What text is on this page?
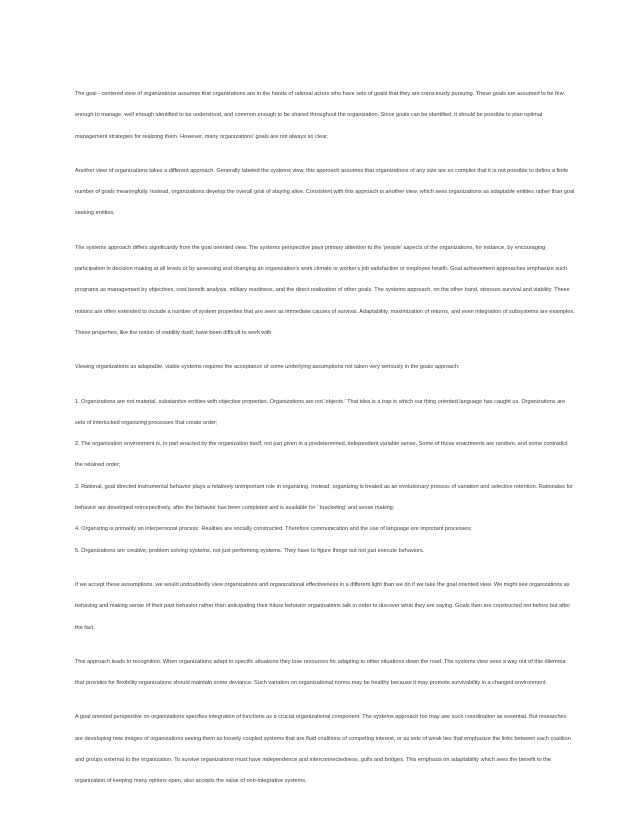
The goal - centered view of organizations assumes that organizations are in the hands of rational actors who have sets of goals that they are consciously pursuing. These goals are assumed to be few enough to manage, well enough identified to be understood, and common enough to be shared throughout the organization. Since goals can be identified, it should be possible to plan optimal management strategies for realizing them. However, many organizations' goals are not always so clear.

Another view of organizations takes a different approach. Generally labeled the systems view, this approach assumes that organizations of any size are so complex that it is not possible to define a finite number of goals meaningfully. Instead, organizations develop the overall goal of staying alive. Consistent with this approach is another view, which sees organizations as adaptable entities rather than goal seeking entities.

The systems approach differs significantly from the goal oriented view. The systems perspective pays primary attention to the 'people' aspects of the organizations, for instance, by encouraging participation in decision making at all levels or by assessing and changing an organization's work climate or worker's job satisfaction or employee health. Goal achievement approaches emphasize such programs as management by objectives, cost benefit analysis, military readiness, and the direct realization of other goals. The systems approach, on the other hand, stresses survival and viability. These notions are often extended to include a number of system properties that are seen as immediate causes of survival. Adaptability, maximization of returns, and even integration of subsystems are examples. These properties, like the notion of viability itself, have been difficult to work with.

Viewing organizations as adaptable, viable systems requires the acceptance of some underlying assumptions not taken very seriously in the goals approach:

1. Organizations are not material, substantive entities with objective properties. Organizations are not 'objects.' That idea is a trap in which our thing oriented language has caught us. Organizations are sets of interlocked organizing processes that create order;

2. The organization environment is, in part enacted by the organization itself, not just given in a predetermined, independent variable sense. Some of those enactments are random, and some contradict the retained order;

3. Rational, goal directed instrumental behavior plays a relatively unimportant role in organizing. Instead, organizing is treated as an evolutionary process of variation and selective retention. Rationales for behavior are developed retrospectively, after the behavior has been completed and is available for ' bracketing' and sense making;

4. Organizing is primarily an interpersonal process. Realities are socially constructed. Therefore communication and the use of language are important processes;

5. Organizations are creative, problem solving systems, not just performing systems. They have to figure things out not just execute behaviors.

If we accept these assumptions, we would undoubtedly view organizations and organizational effectiveness in a different light than we do if we take the goal oriented view. We might see organizations as behaving and making sense of their past behavior rather than anticipating their future behavior organizations talk in order to discover what they are saying. Goals then are constructed not before but after the fact.

This approach leads to recognition. When organizations adapt to specific situations they lose resources for adapting to other situations down the road. The systems view sees a way out of this dilemma that provides for flexibility organizations should maintain some deviance. Such variation on organizational norms may be healthy because it may promote survivability in a changed environment.

A goal oriented perspective on organizations specifies integration of functions as a crucial organizational component. The systems approach too may see such coordination as essential. But researches are developing new images of organizations seeing them as loosely coupled systems that are fluid coalitions of competing interest, or as sets of weak ties that emphasize the links between each coalition and groups external to the organization. To survive organizations must have independence and interconnectedness, gulfs and bridges. This emphasis on adaptability which sees the benefit to the organization of keeping many options open, also accepts the value of non-integrative systems.
